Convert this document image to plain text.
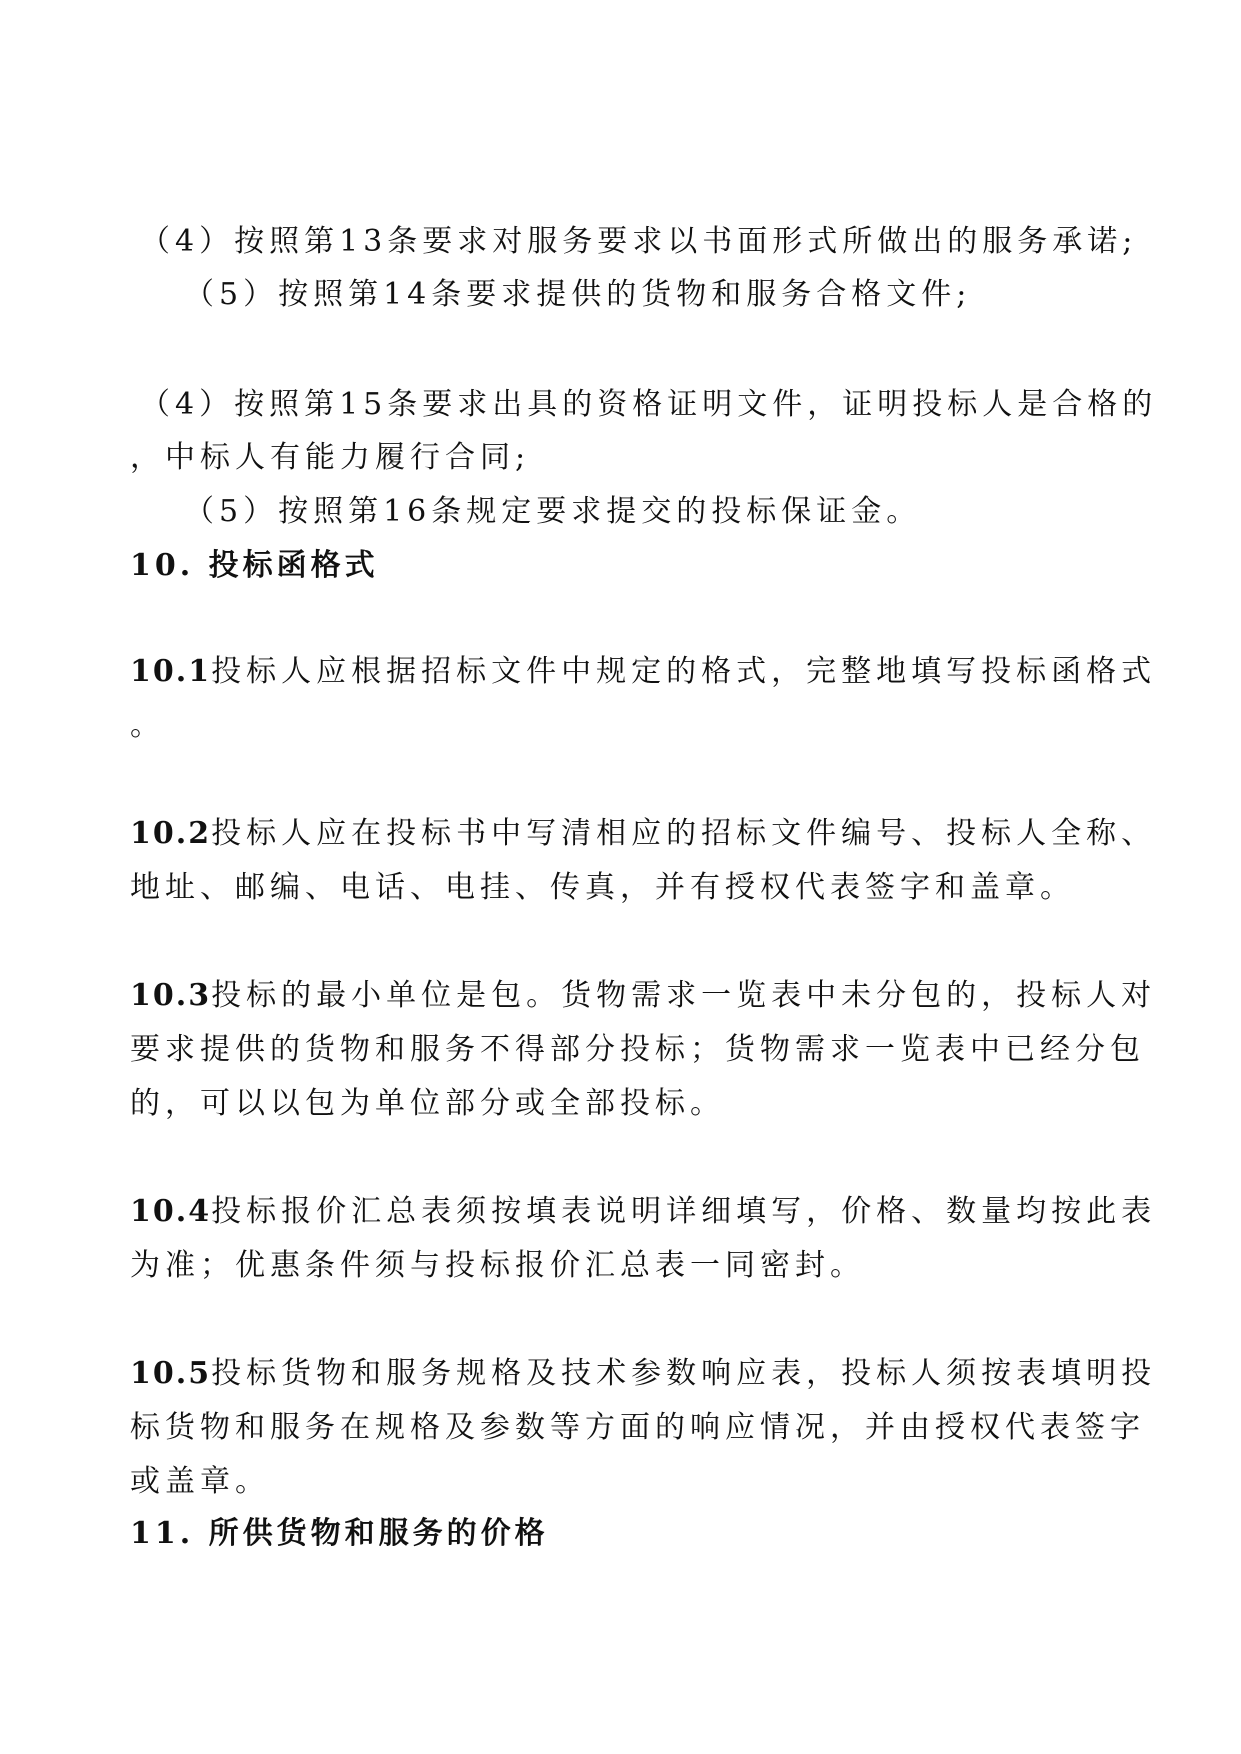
（4）按照第13条要求对服务要求以书面形式所做出的服务承诺;
（5）按照第14条要求提供的货物和服务合格文件;
（4）按照第15条要求出具的资格证明文件，证明投标人是合格的
，中标人有能力履行合同;
（5）按照第16条规定要求提交的投标保证金。
10. 投标函格式
10.1投标人应根据招标文件中规定的格式，完整地填写投标函格式
。
10.2投标人应在投标书中写清相应的招标文件编号、投标人全称、
地址、邮编、电话、电挂、传真，并有授权代表签字和盖章。
10.3投标的最小单位是包。货物需求一览表中未分包的，投标人对
要求提供的货物和服务不得部分投标；货物需求一览表中已经分包
的，可以以包为单位部分或全部投标。
10.4投标报价汇总表须按填表说明详细填写，价格、数量均按此表
为准；优惠条件须与投标报价汇总表一同密封。
10.5投标货物和服务规格及技术参数响应表，投标人须按表填明投
标货物和服务在规格及参数等方面的响应情况，并由授权代表签字
或盖章。
11. 所供货物和服务的价格
